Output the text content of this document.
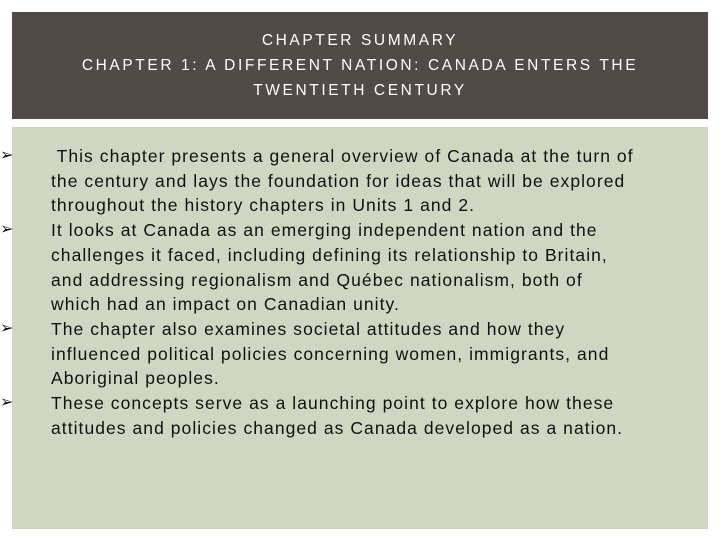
CHAPTER SUMMARY
CHAPTER 1: A DIFFERENT NATION: CANADA ENTERS THE
TWENTIETH CENTURY
➢ This chapter presents a general overview of Canada at the turn of
the century and lays the foundation for ideas that will be explored
throughout the history chapters in Units 1 and 2.
➢ It looks at Canada as an emerging independent nation and the
challenges it faced, including defining its relationship to Britain,
and addressing regionalism and Québec nationalism, both of
which had an impact on Canadian unity.
➢ The chapter also examines societal attitudes and how they
influenced political policies concerning women, immigrants, and
Aboriginal peoples.
➢ These concepts serve as a launching point to explore how these
attitudes and policies changed as Canada developed as a nation.
